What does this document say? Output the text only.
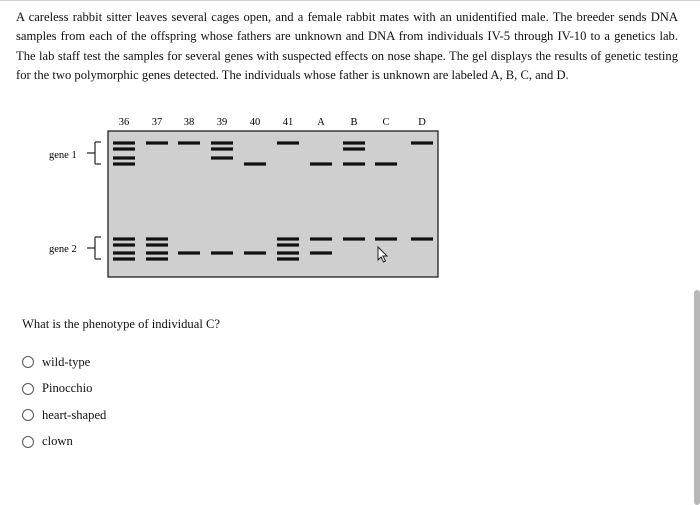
A careless rabbit sitter leaves several cages open, and a female rabbit mates with an unidentified male. The breeder sends DNA samples from each of the offspring whose fathers are unknown and DNA from individuals IV-5 through IV-10 to a genetics lab. The lab staff test the samples for several genes with suspected effects on nose shape. The gel displays the results of genetic testing for the two polymorphic genes detected. The individuals whose father is unknown are labeled A, B, C, and D.

36 37 38 39 40 41 A B C	D
gene 1
gene 2
What is the phenotype of individual C?
wild-type
Pinocchio
heart-shaped
clown
